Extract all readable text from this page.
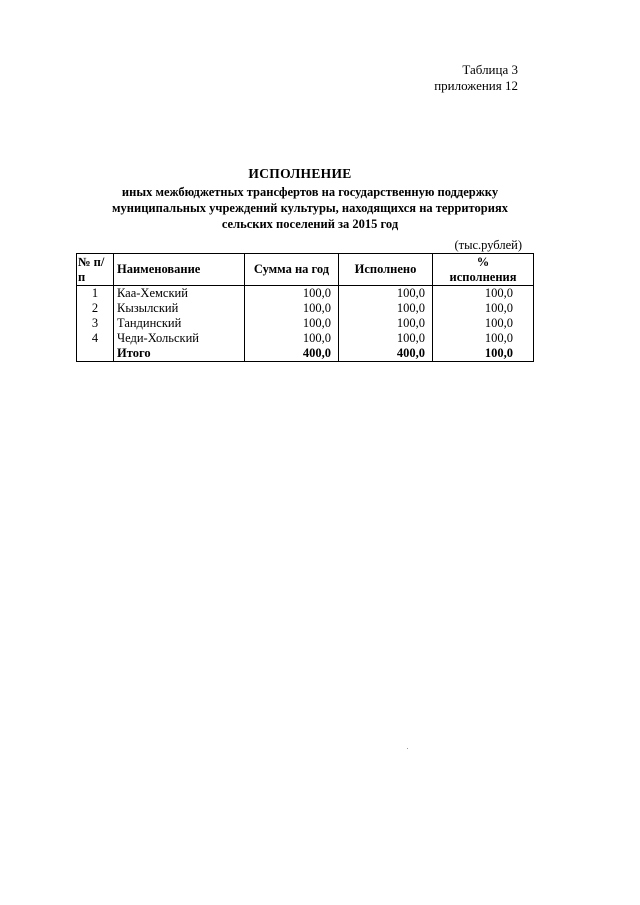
Таблица 3
приложения 12
ИСПОЛНЕНИЕ
иных межбюджетных трансфертов на государственную поддержку
муниципальных учреждений культуры, находящихся на территориях
сельских поселений за 2015 год
(тыс.рублей)
№ п/п	Наименование	Сумма на год	Исполнено	%
исполнения

1	Каа-Хемский	100,0	100,0	100,0
2	Кызылский	100,0	100,0	100,0
3	Тандинский	100,0	100,0	100,0
4	Чеди-Хольский	100,0	100,0	100,0
	Итого	400,0	400,0	100,0
